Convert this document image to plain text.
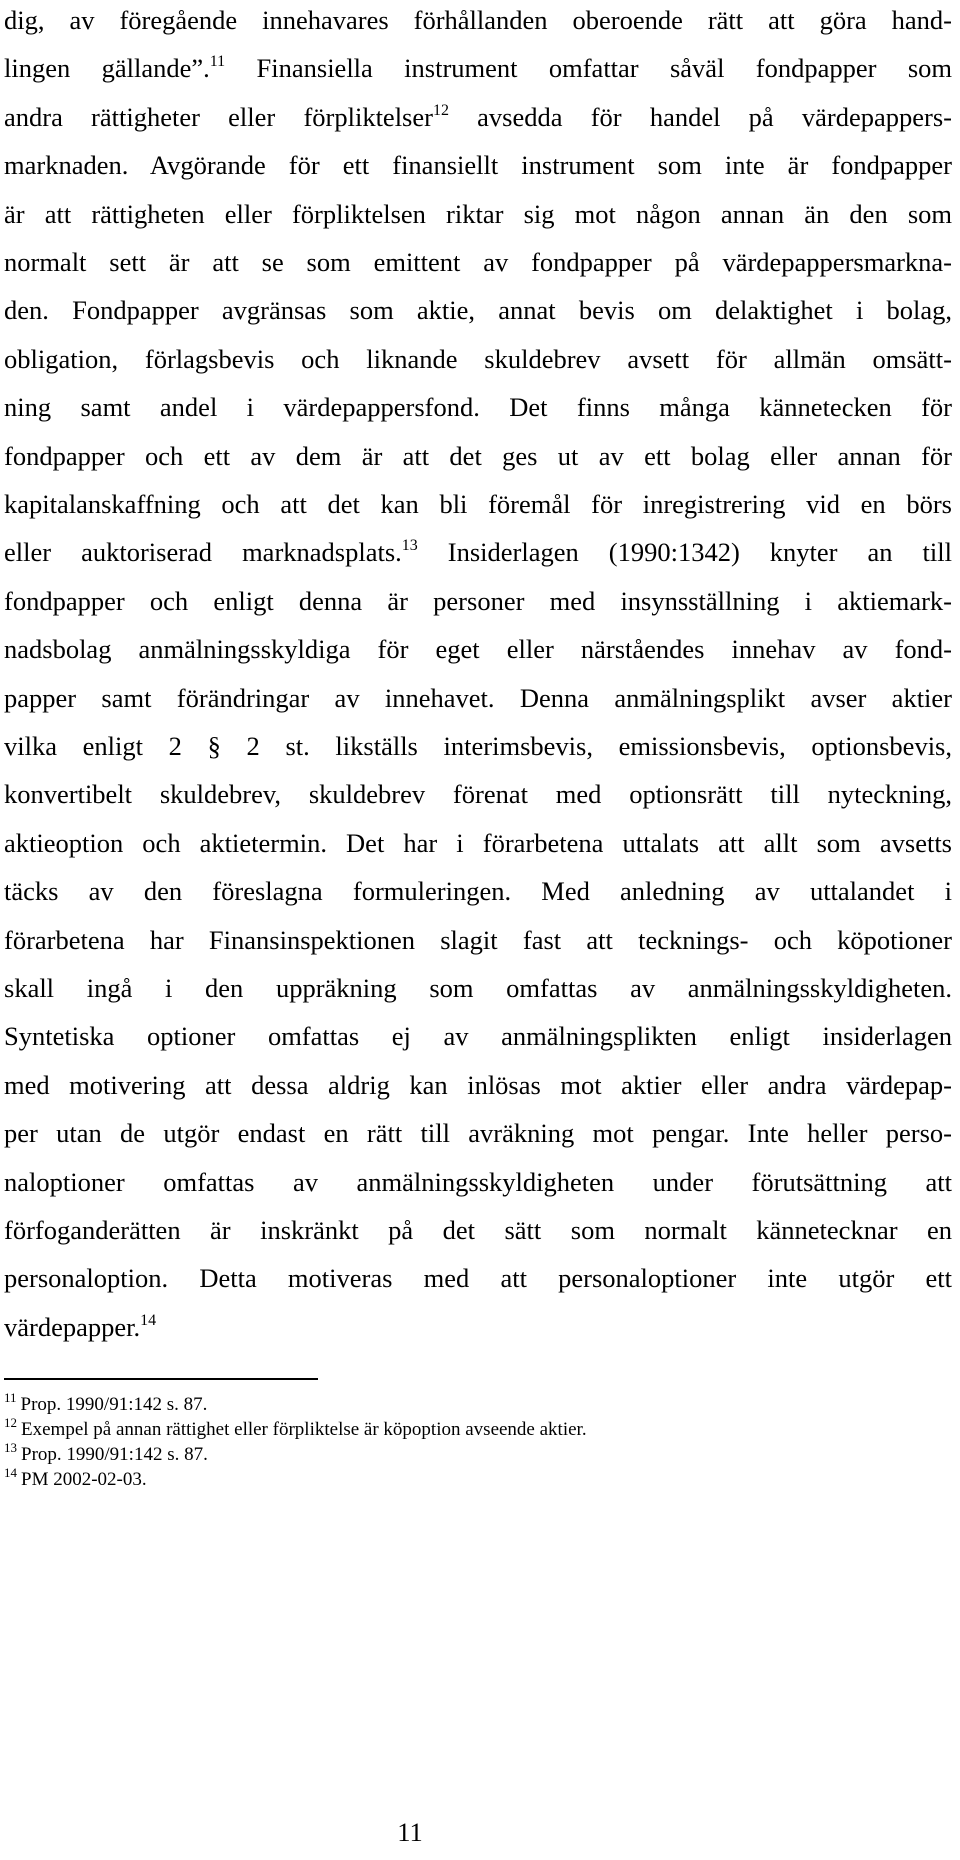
dig, av föregående innehavares förhållanden oberoende rätt att göra hand-
lingen gällande”.$^{11}$ Finansiella instrument omfattar såväl fondpapper som
andra rättigheter eller förpliktelser$^{12}$ avsedda för handel på värdepappers-
marknaden. Avgörande för ett finansiellt instrument som inte är fondpapper
är att rättigheten eller förpliktelsen riktar sig mot någon annan än den som
normalt sett är att se som emittent av fondpapper på värdepappersmarkna-
den. Fondpapper avgränsas som aktie, annat bevis om delaktighet i bolag,
obligation, förlagsbevis och liknande skuldebrev avsett för allmän omsätt-
ning samt andel i värdepappersfond. Det finns många kännetecken för
fondpapper och ett av dem är att det ges ut av ett bolag eller annan för
kapitalanskaffning och att det kan bli föremål för inregistrering vid en börs
eller auktoriserad marknadsplats.$^{13}$ Insiderlagen (1990:1342) knyter an till
fondpapper och enligt denna är personer med insynsställning i aktiemark-
nadsbolag anmälningsskyldiga för eget eller närståendes innehav av fond-
papper samt förändringar av innehavet. Denna anmälningsplikt avser aktier
vilka enligt 2 § 2 st. likställs interimsbevis, emissionsbevis, optionsbevis,
konvertibelt skuldebrev, skuldebrev förenat med optionsrätt till nyteckning,
aktieoption och aktietermin. Det har i förarbetena uttalats att allt som avsetts
täcks av den föreslagna formuleringen. Med anledning av uttalandet i
förarbetena har Finansinspektionen slagit fast att tecknings- och köpotioner
skall ingå i den uppräkning som omfattas av anmälningsskyldigheten.
Syntetiska optioner omfattas ej av anmälningsplikten enligt insiderlagen
med motivering att dessa aldrig kan inlösas mot aktier eller andra värdepap-
per utan de utgör endast en rätt till avräkning mot pengar. Inte heller perso-
naloptioner omfattas av anmälningsskyldigheten under förutsättning att
förfoganderätten är inskränkt på det sätt som normalt kännetecknar en
personaloption. Detta motiveras med att personaloptioner inte utgör ett
värdepapper.$^{14}$
$^{11}$ Prop. 1990/91:142 s. 87.
$^{12}$ Exempel på annan rättighet eller förpliktelse är köpoption avseende aktier.
$^{13}$ Prop. 1990/91:142 s. 87.
$^{14}$ PM 2002-02-03.
11
